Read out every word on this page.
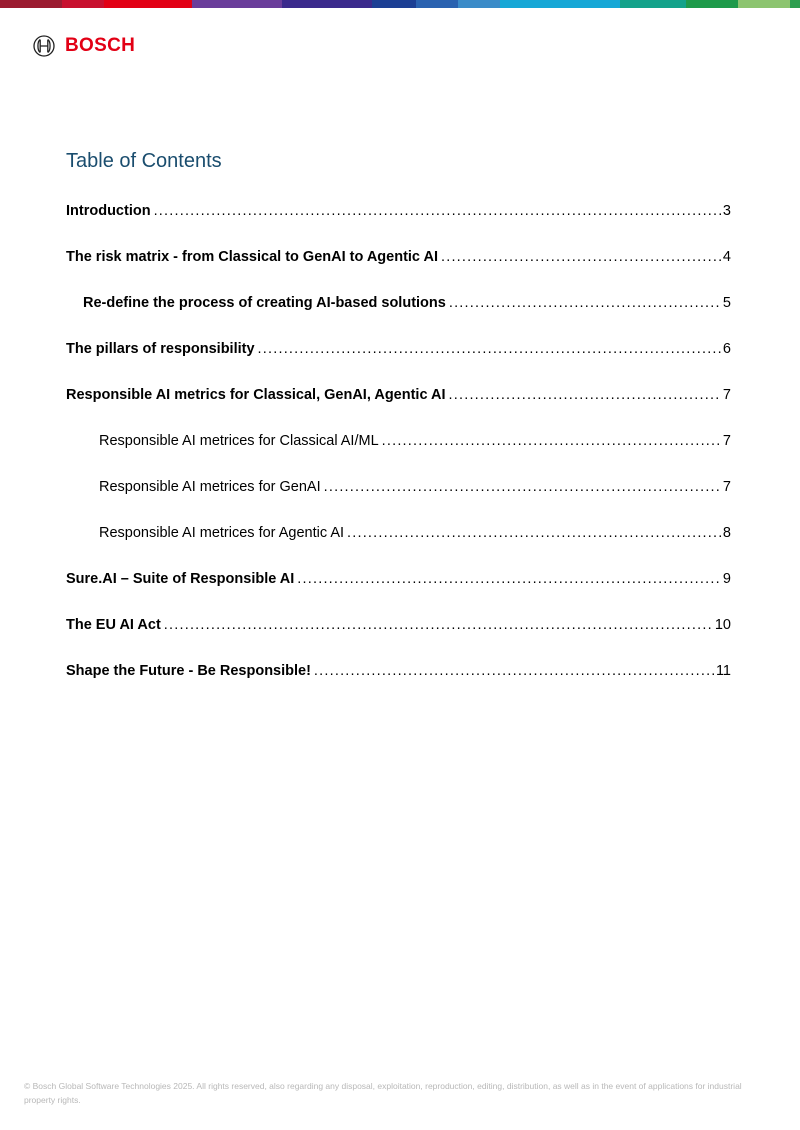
BOSCH
Table of Contents
Introduction .....	3
The risk matrix - from Classical to GenAI to Agentic AI .....	4
Re-define the process of creating AI-based solutions .....	5
The pillars of responsibility .....	6
Responsible AI metrics for Classical, GenAI, Agentic AI .....	7
Responsible AI metrices for Classical AI/ML .....	7
Responsible AI metrices for GenAI .....	7
Responsible AI metrices for Agentic AI .....	8
Sure.AI – Suite of Responsible AI .....	9
The EU AI Act .....	10
Shape the Future - Be Responsible! .....	11
© Bosch Global Software Technologies 2025. All rights reserved, also regarding any disposal, exploitation, reproduction, editing, distribution, as well as in the event of applications for industrial property rights.
